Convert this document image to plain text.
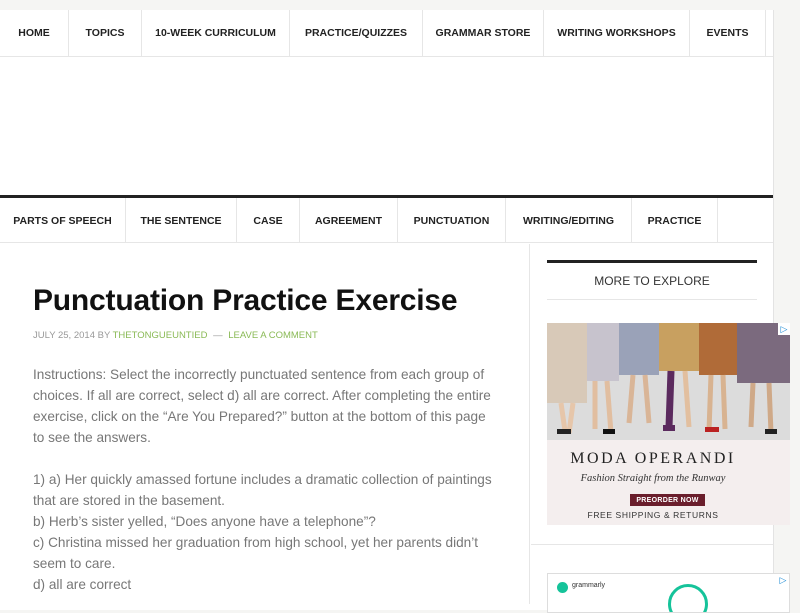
HOME	TOPICS	10-WEEK CURRICULUM	PRACTICE/QUIZZES	GRAMMAR STORE	WRITING WORKSHOPS	EVENTS
PARTS OF SPEECH	THE SENTENCE	CASE	AGREEMENT	PUNCTUATION	WRITING/EDITING	PRACTICE
Punctuation Practice Exercise
JULY 25, 2014 BY THETONGUEUNTIED — LEAVE A COMMENT

Instructions: Select the incorrectly punctuated sentence from each group of choices. If all are correct, select d) all are correct. After completing the entire exercise, click on the “Are You Prepared?” button at the bottom of this page to see the answers.

1) a) Her quickly amassed fortune includes a dramatic collection of paintings that are stored in the basement.

b) Herb’s sister yelled, “Does anyone have a telephone”?

c) Christina missed her graduation from high school, yet her parents didn’t seem to care.

d) all are correct

MORE TO EXPLORE
▷
MODA OPERANDI
Fashion Straight from the Runway
PREORDER NOW
FREE SHIPPING & RETURNS
grammarly
▷
